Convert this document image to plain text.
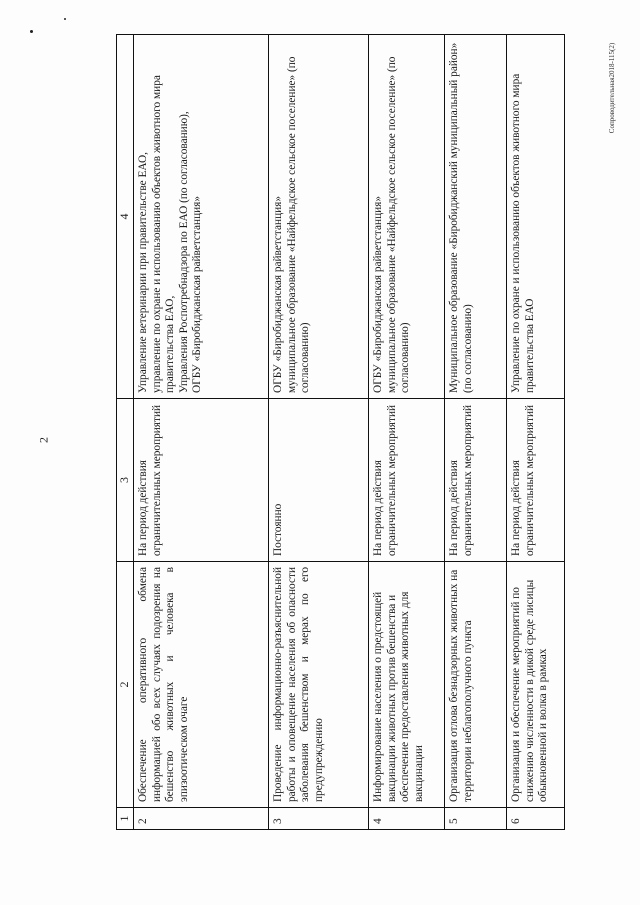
2
Сопроводительная2018-115(2)
1	2	3	4
2	Обеспечение оперативного обмена информацией обо всех случаях подозрения на бешенство животных и человека в эпизоотическом очаге	На период действия ограничительных мероприятий	Управление ветеринарии при правительстве ЕАО, управление по охране и использованию объектов животного мира правительства ЕАО, Управления Роспотребнадзора по ЕАО (по согласованию), ОГБУ «Биробиджанская райветстанция»

3	Проведение информационно-разъяснительной работы и оповещение населения об опасности заболевания бешенством и мерах по его предупреждению	Постоянно	ОГБУ «Биробиджанская райветстанция» муниципальное образование «Найфельдское сельское поселение» (по согласованию)

4	Информирование населения о предстоящей вакцинации животных против бешенства и обеспечение предоставления животных для вакцинации	На период действия ограничительных мероприятий	ОГБУ «Биробиджанская райветстанция» муниципальное образование «Найфельдское сельское поселение» (по согласованию)

5	Организация отлова безнадзорных животных на территории неблагополучного пункта	На период действия ограничительных мероприятий	Муниципальное образование «Биробиджанский муниципальный район» (по согласованию)

6	Организация и обеспечение мероприятий по снижению численности в дикой среде лисицы обыкновенной и волка в рамках	На период действия ограничительных мероприятий	Управление по охране и использованию объектов животного мира правительства ЕАО
